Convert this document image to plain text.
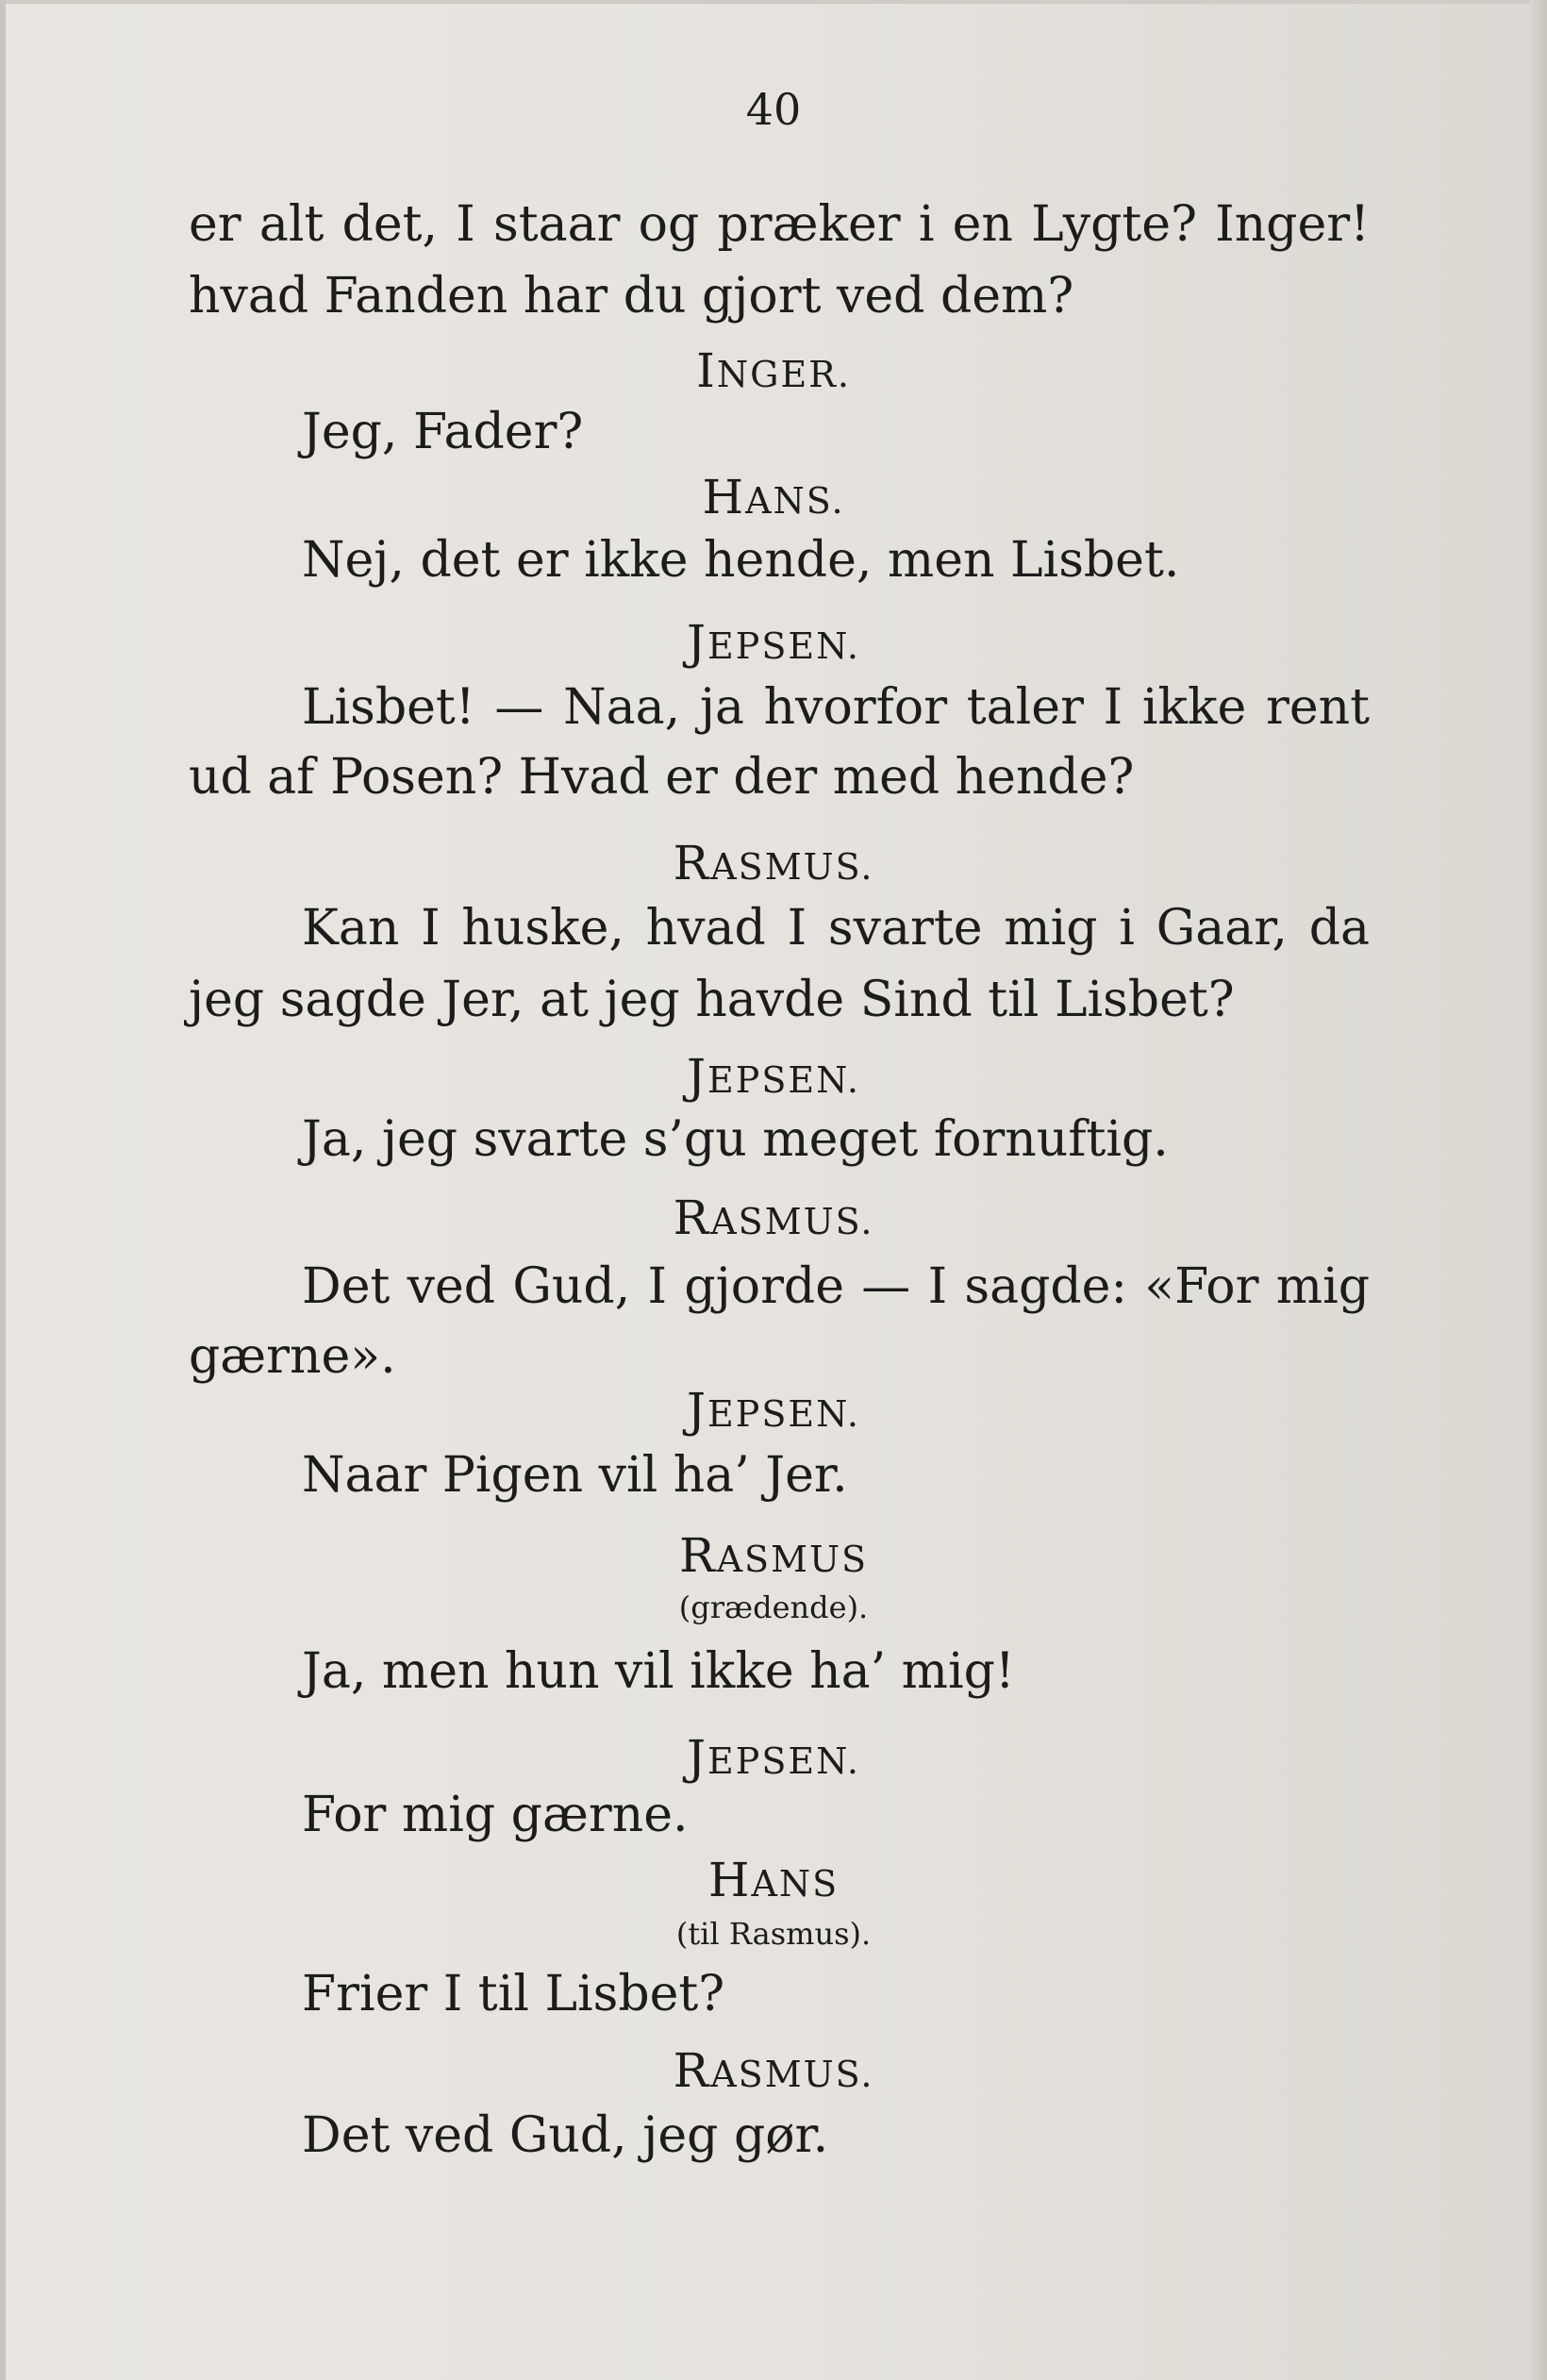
40
er alt det, I staar og præker i en Lygte? Inger!
hvad Fanden har du gjort ved dem?
INGER.
Jeg, Fader?
HANS.
Nej, det er ikke hende, men Lisbet.
JEPSEN.
Lisbet! — Naa, ja hvorfor taler I ikke rent
ud af Posen? Hvad er der med hende?
RASMUS.
Kan I huske, hvad I svarte mig i Gaar, da
jeg sagde Jer, at jeg havde Sind til Lisbet?
JEPSEN.
Ja, jeg svarte s’gu meget fornuftig.
RASMUS.
Det ved Gud, I gjorde — I sagde: «For mig
gærne».
JEPSEN.
Naar Pigen vil ha’ Jer.
RASMUS
(grædende).
Ja, men hun vil ikke ha’ mig!
JEPSEN.
For mig gærne.
HANS
(til Rasmus).
Frier I til Lisbet?
RASMUS.
Det ved Gud, jeg gør.
